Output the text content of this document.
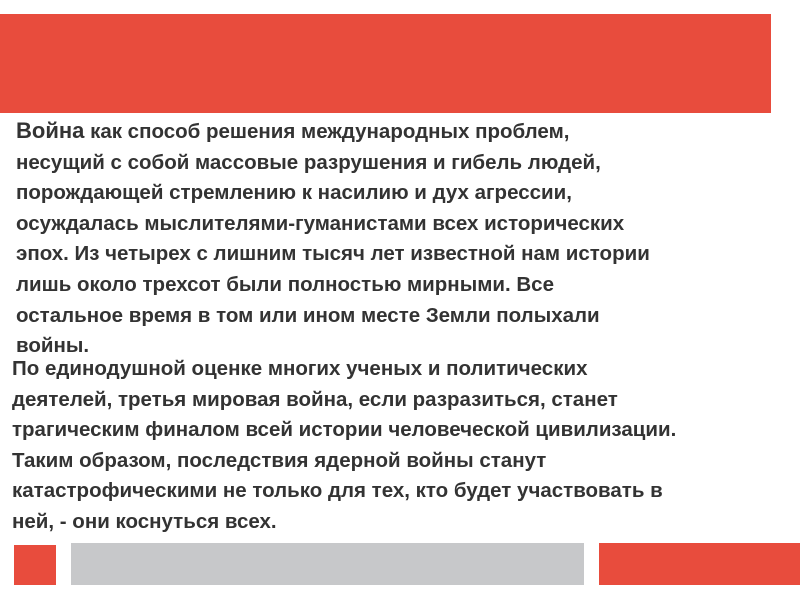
Война как способ решения международных проблем,
несущий с собой массовые разрушения и гибель людей,
порождающей стремлению к насилию и дух агрессии,
осуждалась мыслителями-гуманистами всех исторических
эпох. Из четырех с лишним тысяч лет известной нам истории
лишь около трехсот были полностью мирными. Все
остальное время в том или ином месте Земли полыхали
войны.
По единодушной оценке многих ученых и политических
деятелей, третья мировая война, если разразиться, станет
трагическим финалом всей истории человеческой цивилизации.
Таким образом, последствия ядерной войны станут
катастрофическими не только для тех, кто будет участвовать в
ней, - они коснуться всех.
